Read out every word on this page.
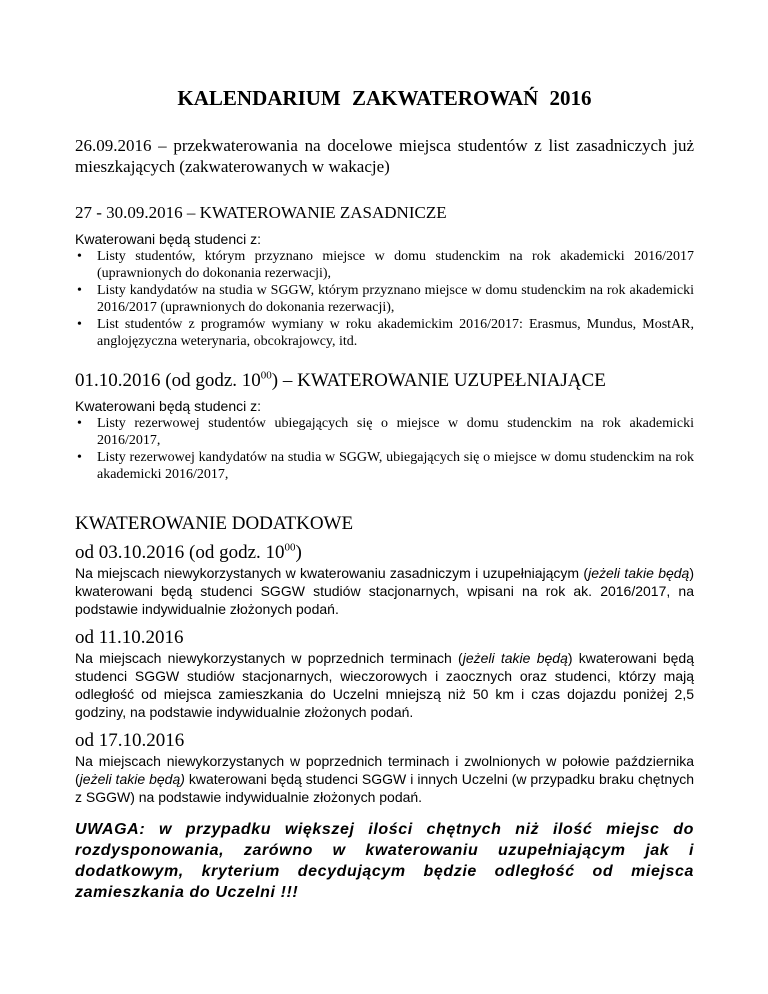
KALENDARIUM ZAKWATEROWAŃ 2016
26.09.2016 – przekwaterowania na docelowe miejsca studentów z list zasadniczych już mieszkających (zakwaterowanych w wakacje)
27 - 30.09.2016 – KWATEROWANIE ZASADNICZE
Kwaterowani będą studenci z:
• Listy studentów, którym przyznano miejsce w domu studenckim na rok akademicki 2016/2017 (uprawnionych do dokonania rezerwacji),
• Listy kandydatów na studia w SGGW, którym przyznano miejsce w domu studenckim na rok akademicki 2016/2017 (uprawnionych do dokonania rezerwacji),
• List studentów z programów wymiany w roku akademickim 2016/2017: Erasmus, Mundus, MostAR, anglojęzyczna weterynaria, obcokrajowcy, itd.
01.10.2016 (od godz. $10^{00}$) – KWATEROWANIE UZUPEŁNIAJĄCE
Kwaterowani będą studenci z:
• Listy rezerwowej studentów ubiegających się o miejsce w domu studenckim na rok akademicki 2016/2017,
• Listy rezerwowej kandydatów na studia w SGGW, ubiegających się o miejsce w domu studenckim na rok akademicki 2016/2017,
KWATEROWANIE DODATKOWE
od 03.10.2016 (od godz. $10^{00}$)
Na miejscach niewykorzystanych w kwaterowaniu zasadniczym i uzupełniającym (jeżeli takie będą) kwaterowani będą studenci SGGW studiów stacjonarnych, wpisani na rok ak. 2016/2017, na podstawie indywidualnie złożonych podań.
od 11.10.2016
Na miejscach niewykorzystanych w poprzednich terminach (jeżeli takie będą) kwaterowani będą studenci SGGW studiów stacjonarnych, wieczorowych i zaocznych oraz studenci, którzy mają odległość od miejsca zamieszkania do Uczelni mniejszą niż 50 km i czas dojazdu poniżej 2,5 godziny, na podstawie indywidualnie złożonych podań.
od 17.10.2016
Na miejscach niewykorzystanych w poprzednich terminach i zwolnionych w połowie października (jeżeli takie będą) kwaterowani będą studenci SGGW i innych Uczelni (w przypadku braku chętnych z SGGW) na podstawie indywidualnie złożonych podań.
UWAGA: w przypadku większej ilości chętnych niż ilość miejsc do rozdysponowania, zarówno w kwaterowaniu uzupełniającym jak i dodatkowym, kryterium decydującym będzie odległość od miejsca zamieszkania do Uczelni !!!
